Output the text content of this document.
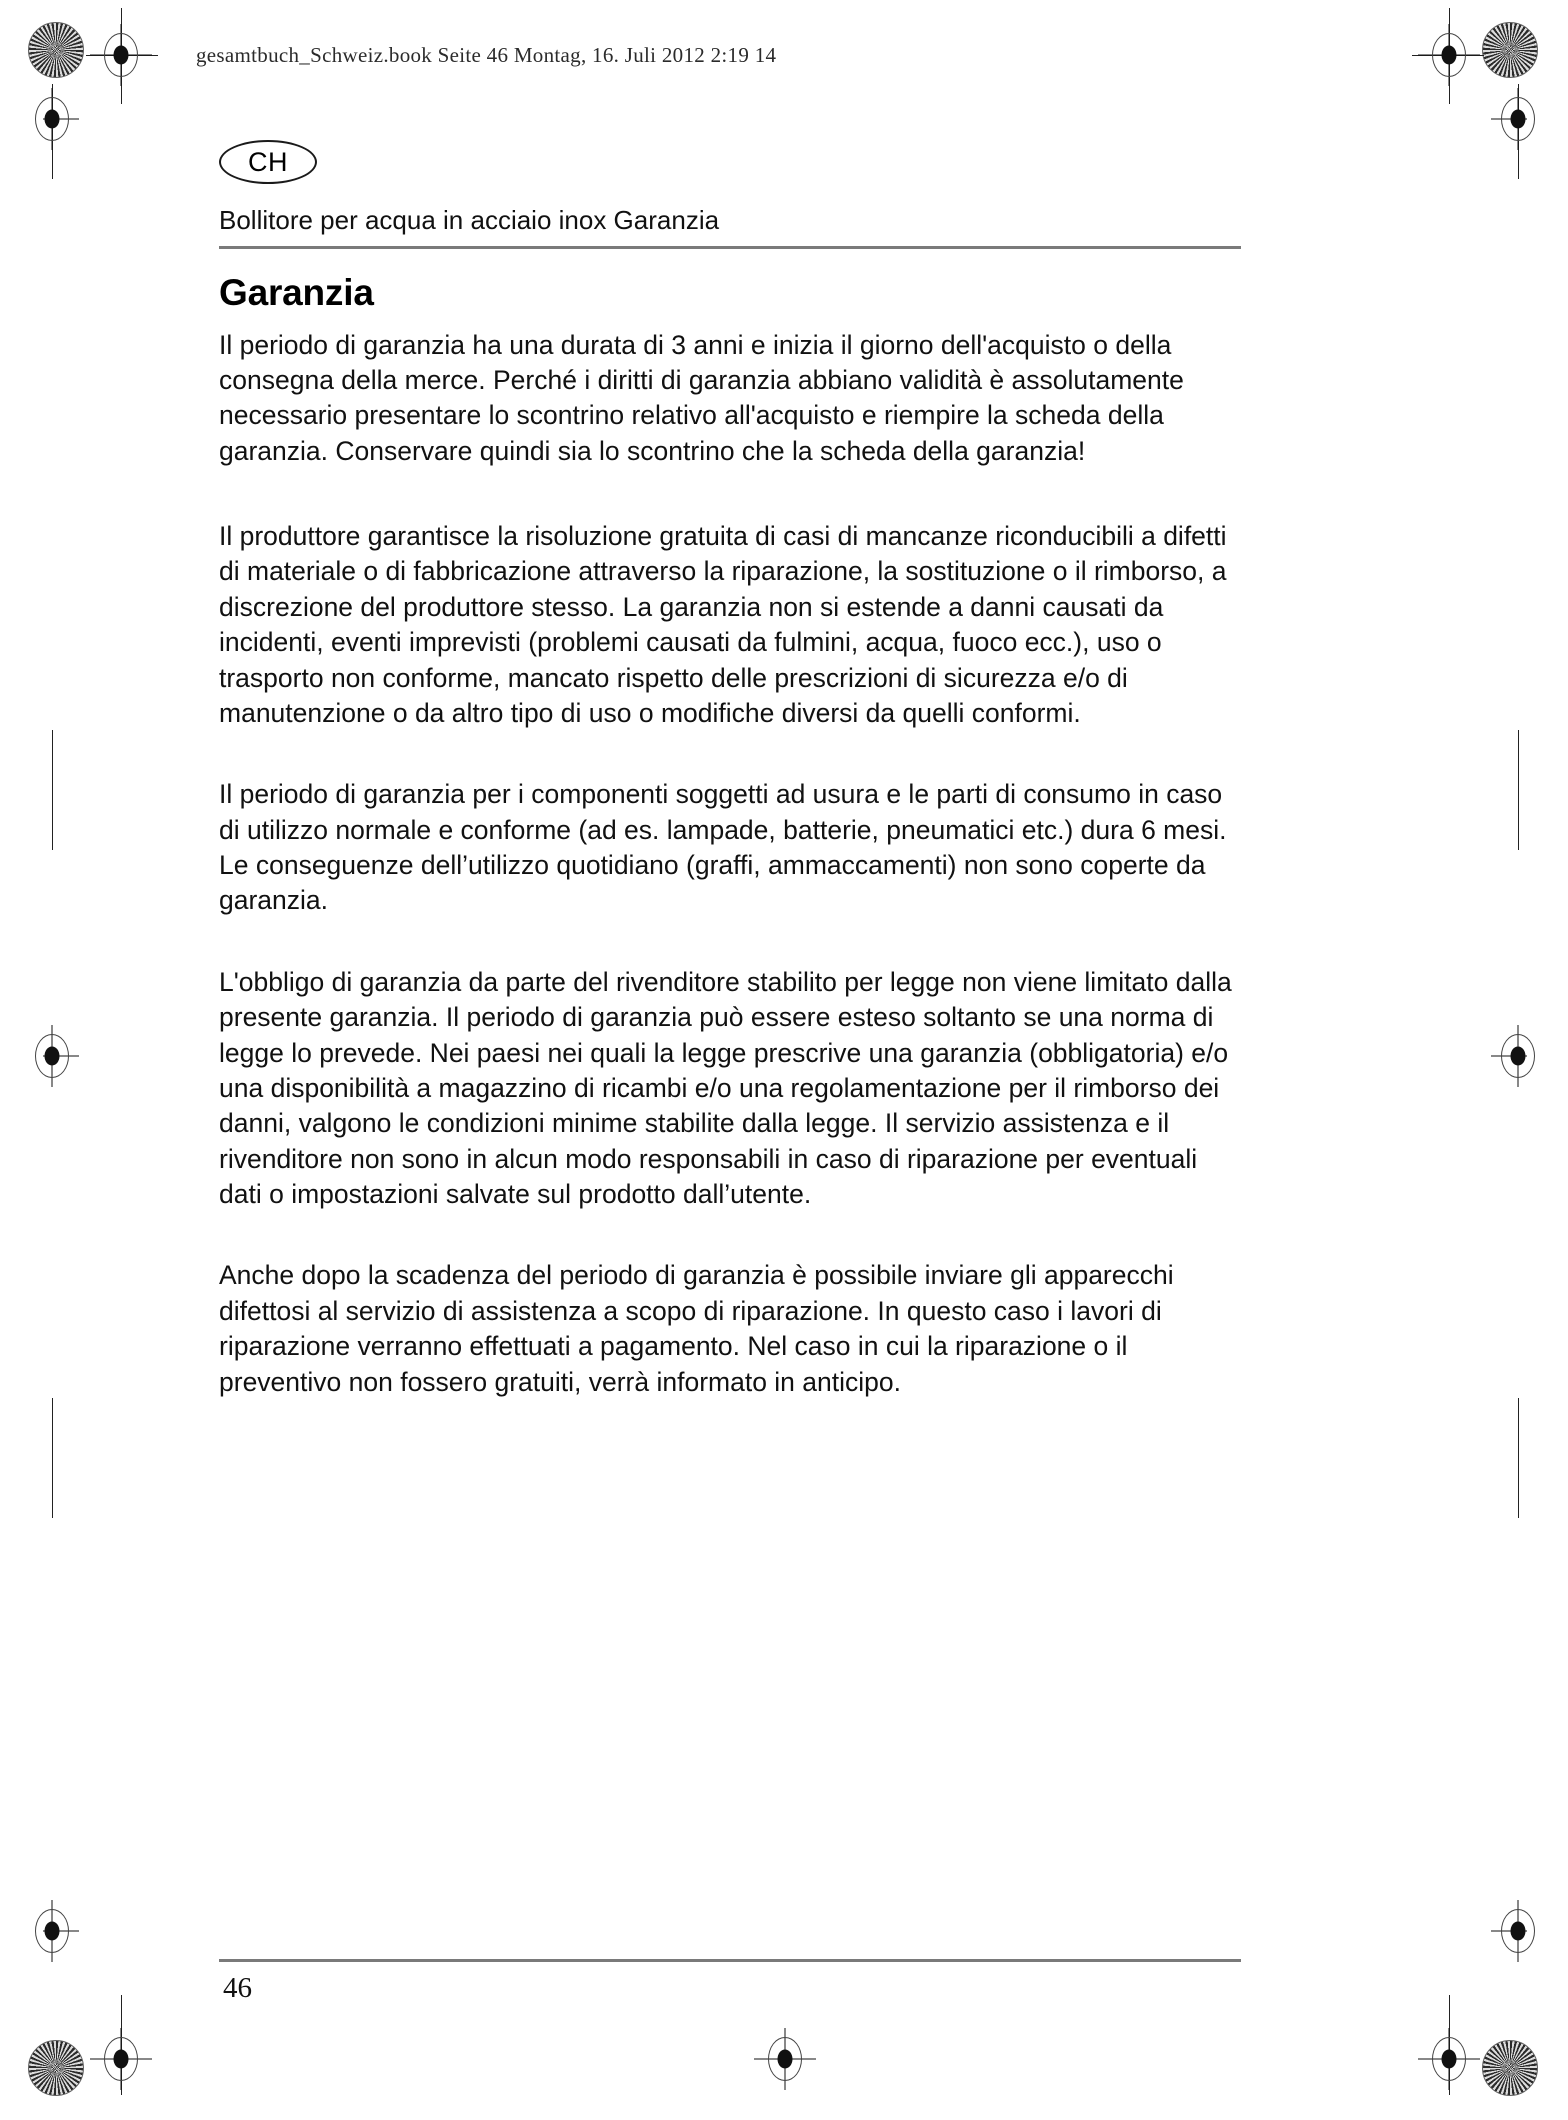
gesamtbuch_Schweiz.book Seite 46 Montag, 16. Juli 2012 2:19 14
CH
Bollitore per acqua in acciaio inox Garanzia
Garanzia

Il periodo di garanzia ha una durata di 3 anni e inizia il giorno dell'acquisto o della consegna della merce. Perché i diritti di garanzia abbiano validità è assolutamente necessario presentare lo scontrino relativo all'acquisto e riempire la scheda della garanzia. Conservare quindi sia lo scontrino che la scheda della garanzia!

Il produttore garantisce la risoluzione gratuita di casi di mancanze riconducibili a difetti di materiale o di fabbricazione attraverso la riparazione, la sostituzione o il rimborso, a discrezione del produttore stesso. La garanzia non si estende a danni causati da incidenti, eventi imprevisti (problemi causati da fulmini, acqua, fuoco ecc.), uso o trasporto non conforme, mancato rispetto delle prescrizioni di sicurezza e/o di manutenzione o da altro tipo di uso o modifiche diversi da quelli conformi.

Il periodo di garanzia per i componenti soggetti ad usura e le parti di consumo in caso di utilizzo normale e conforme (ad es. lampade, batterie, pneumatici etc.) dura 6 mesi. Le conseguenze dell’utilizzo quotidiano (graffi, ammaccamenti) non sono coperte da garanzia.

L'obbligo di garanzia da parte del rivenditore stabilito per legge non viene limitato dalla presente garanzia. Il periodo di garanzia può essere esteso soltanto se una norma di legge lo prevede. Nei paesi nei quali la legge prescrive una garanzia (obbligatoria) e/o una disponibilità a magazzino di ricambi e/o una regolamentazione per il rimborso dei danni, valgono le condizioni minime stabilite dalla legge. Il servizio assistenza e il rivenditore non sono in alcun modo responsabili in caso di riparazione per eventuali dati o impostazioni salvate sul prodotto dall’utente.

Anche dopo la scadenza del periodo di garanzia è possibile inviare gli apparecchi difettosi al servizio di assistenza a scopo di riparazione. In questo caso i lavori di riparazione verranno effettuati a pagamento. Nel caso in cui la riparazione o il preventivo non fossero gratuiti, verrà informato in anticipo.

46
